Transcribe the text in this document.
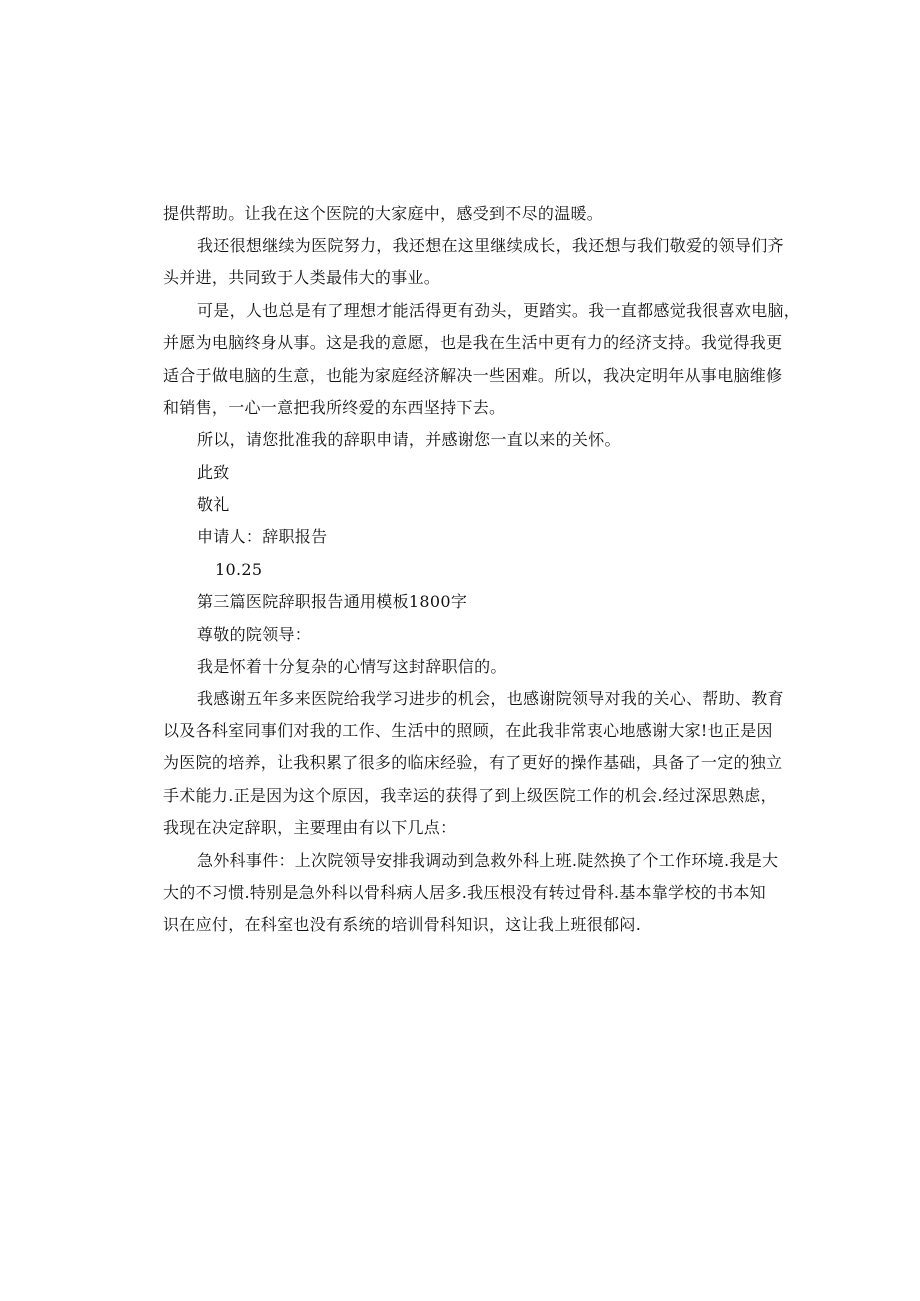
提供帮助。让我在这个医院的大家庭中，感受到不尽的温暖。
我还很想继续为医院努力，我还想在这里继续成长，我还想与我们敬爱的领导们齐
头并进，共同致于人类最伟大的事业。
可是，人也总是有了理想才能活得更有劲头，更踏实。我一直都感觉我很喜欢电脑，
并愿为电脑终身从事。这是我的意愿，也是我在生活中更有力的经济支持。我觉得我更
适合于做电脑的生意，也能为家庭经济解决一些困难。所以，我决定明年从事电脑维修
和销售，一心一意把我所终爱的东西坚持下去。
所以，请您批准我的辞职申请，并感谢您一直以来的关怀。
此致
敬礼
申请人：辞职报告
10.25
第三篇医院辞职报告通用模板1800字
尊敬的院领导：
我是怀着十分复杂的心情写这封辞职信的。
我感谢五年多来医院给我学习进步的机会，也感谢院领导对我的关心、帮助、教育
以及各科室同事们对我的工作、生活中的照顾，在此我非常衷心地感谢大家!也正是因
为医院的培养，让我积累了很多的临床经验，有了更好的操作基础，具备了一定的独立
手术能力.正是因为这个原因，我幸运的获得了到上级医院工作的机会.经过深思熟虑，
我现在决定辞职，主要理由有以下几点：
急外科事件：上次院领导安排我调动到急救外科上班.陡然换了个工作环境.我是大
大的不习惯.特别是急外科以骨科病人居多.我压根没有转过骨科.基本靠学校的书本知
识在应付，在科室也没有系统的培训骨科知识，这让我上班很郁闷.
